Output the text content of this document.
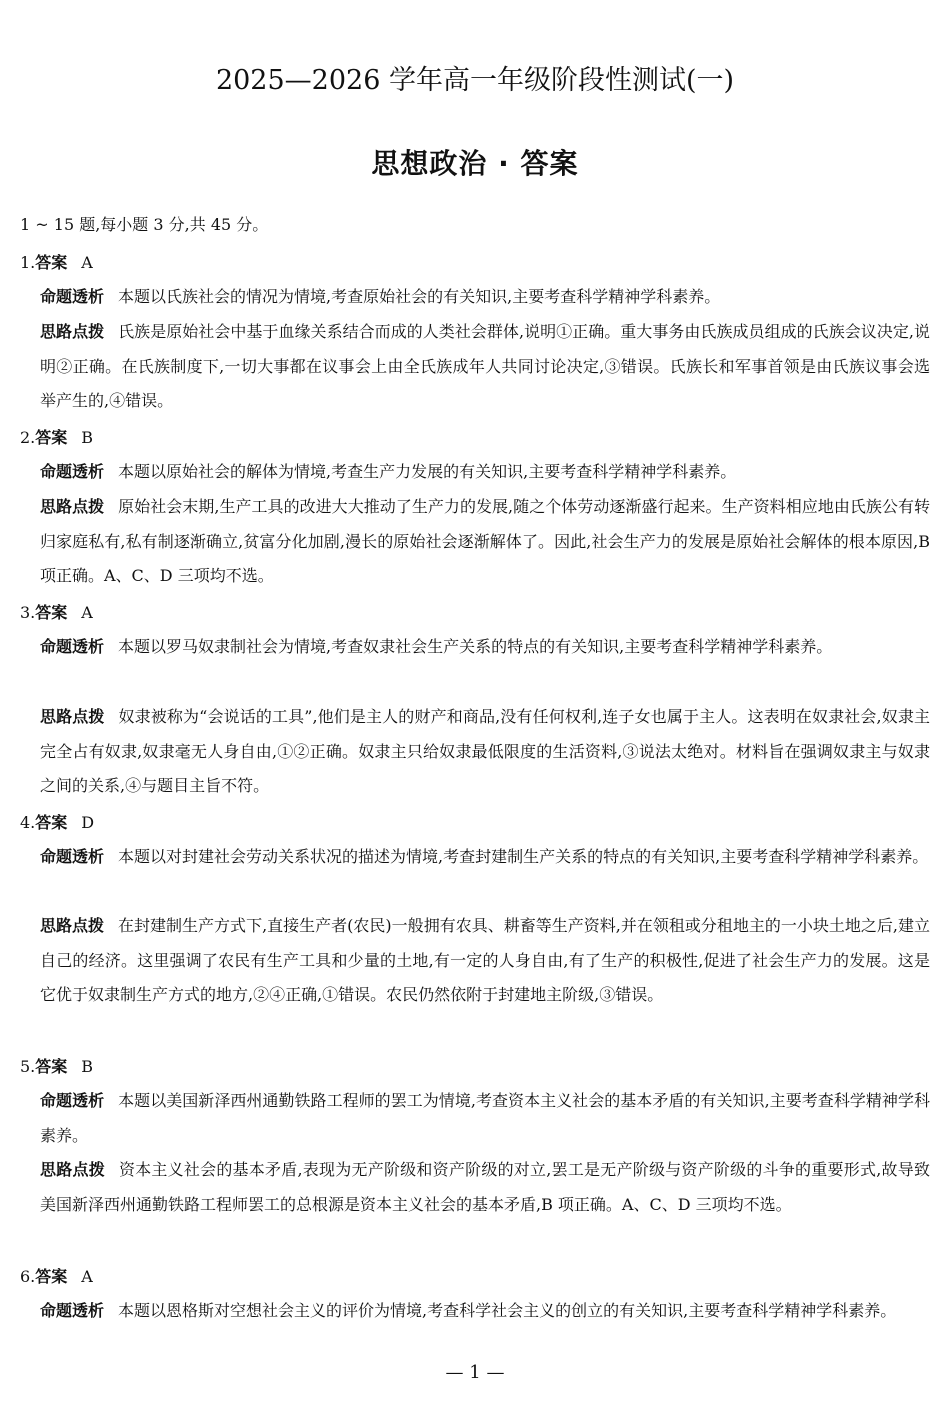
2025—2026 学年高一年级阶段性测试(一)
思想政治 · 答案
1 ~ 15 题,每小题 3 分,共 45 分。
1.答案 A
命题透析 本题以氏族社会的情况为情境,考查原始社会的有关知识,主要考查科学精神学科素养。
思路点拨 氏族是原始社会中基于血缘关系结合而成的人类社会群体,说明①正确。重大事务由氏族成员组成的氏族会议决定,说明②正确。在氏族制度下,一切大事都在议事会上由全氏族成年人共同讨论决定,③错误。氏族长和军事首领是由氏族议事会选举产生的,④错误。
2.答案 B
命题透析 本题以原始社会的解体为情境,考查生产力发展的有关知识,主要考查科学精神学科素养。
思路点拨 原始社会末期,生产工具的改进大大推动了生产力的发展,随之个体劳动逐渐盛行起来。生产资料相应地由氏族公有转归家庭私有,私有制逐渐确立,贫富分化加剧,漫长的原始社会逐渐解体了。因此,社会生产力的发展是原始社会解体的根本原因,B 项正确。A、C、D 三项均不选。
3.答案 A
命题透析 本题以罗马奴隶制社会为情境,考查奴隶社会生产关系的特点的有关知识,主要考查科学精神学科素养。
思路点拨 奴隶被称为“会说话的工具”,他们是主人的财产和商品,没有任何权利,连子女也属于主人。这表明在奴隶社会,奴隶主完全占有奴隶,奴隶毫无人身自由,①②正确。奴隶主只给奴隶最低限度的生活资料,③说法太绝对。材料旨在强调奴隶主与奴隶之间的关系,④与题目主旨不符。
4.答案 D
命题透析 本题以对封建社会劳动关系状况的描述为情境,考查封建制生产关系的特点的有关知识,主要考查科学精神学科素养。
思路点拨 在封建制生产方式下,直接生产者(农民)一般拥有农具、耕畜等生产资料,并在领租或分租地主的一小块土地之后,建立自己的经济。这里强调了农民有生产工具和少量的土地,有一定的人身自由,有了生产的积极性,促进了社会生产力的发展。这是它优于奴隶制生产方式的地方,②④正确,①错误。农民仍然依附于封建地主阶级,③错误。
5.答案 B
命题透析 本题以美国新泽西州通勤铁路工程师的罢工为情境,考查资本主义社会的基本矛盾的有关知识,主要考查科学精神学科素养。
思路点拨 资本主义社会的基本矛盾,表现为无产阶级和资产阶级的对立,罢工是无产阶级与资产阶级的斗争的重要形式,故导致美国新泽西州通勤铁路工程师罢工的总根源是资本主义社会的基本矛盾,B 项正确。A、C、D 三项均不选。
6.答案 A
命题透析 本题以恩格斯对空想社会主义的评价为情境,考查科学社会主义的创立的有关知识,主要考查科学精神学科素养。
— 1 —
